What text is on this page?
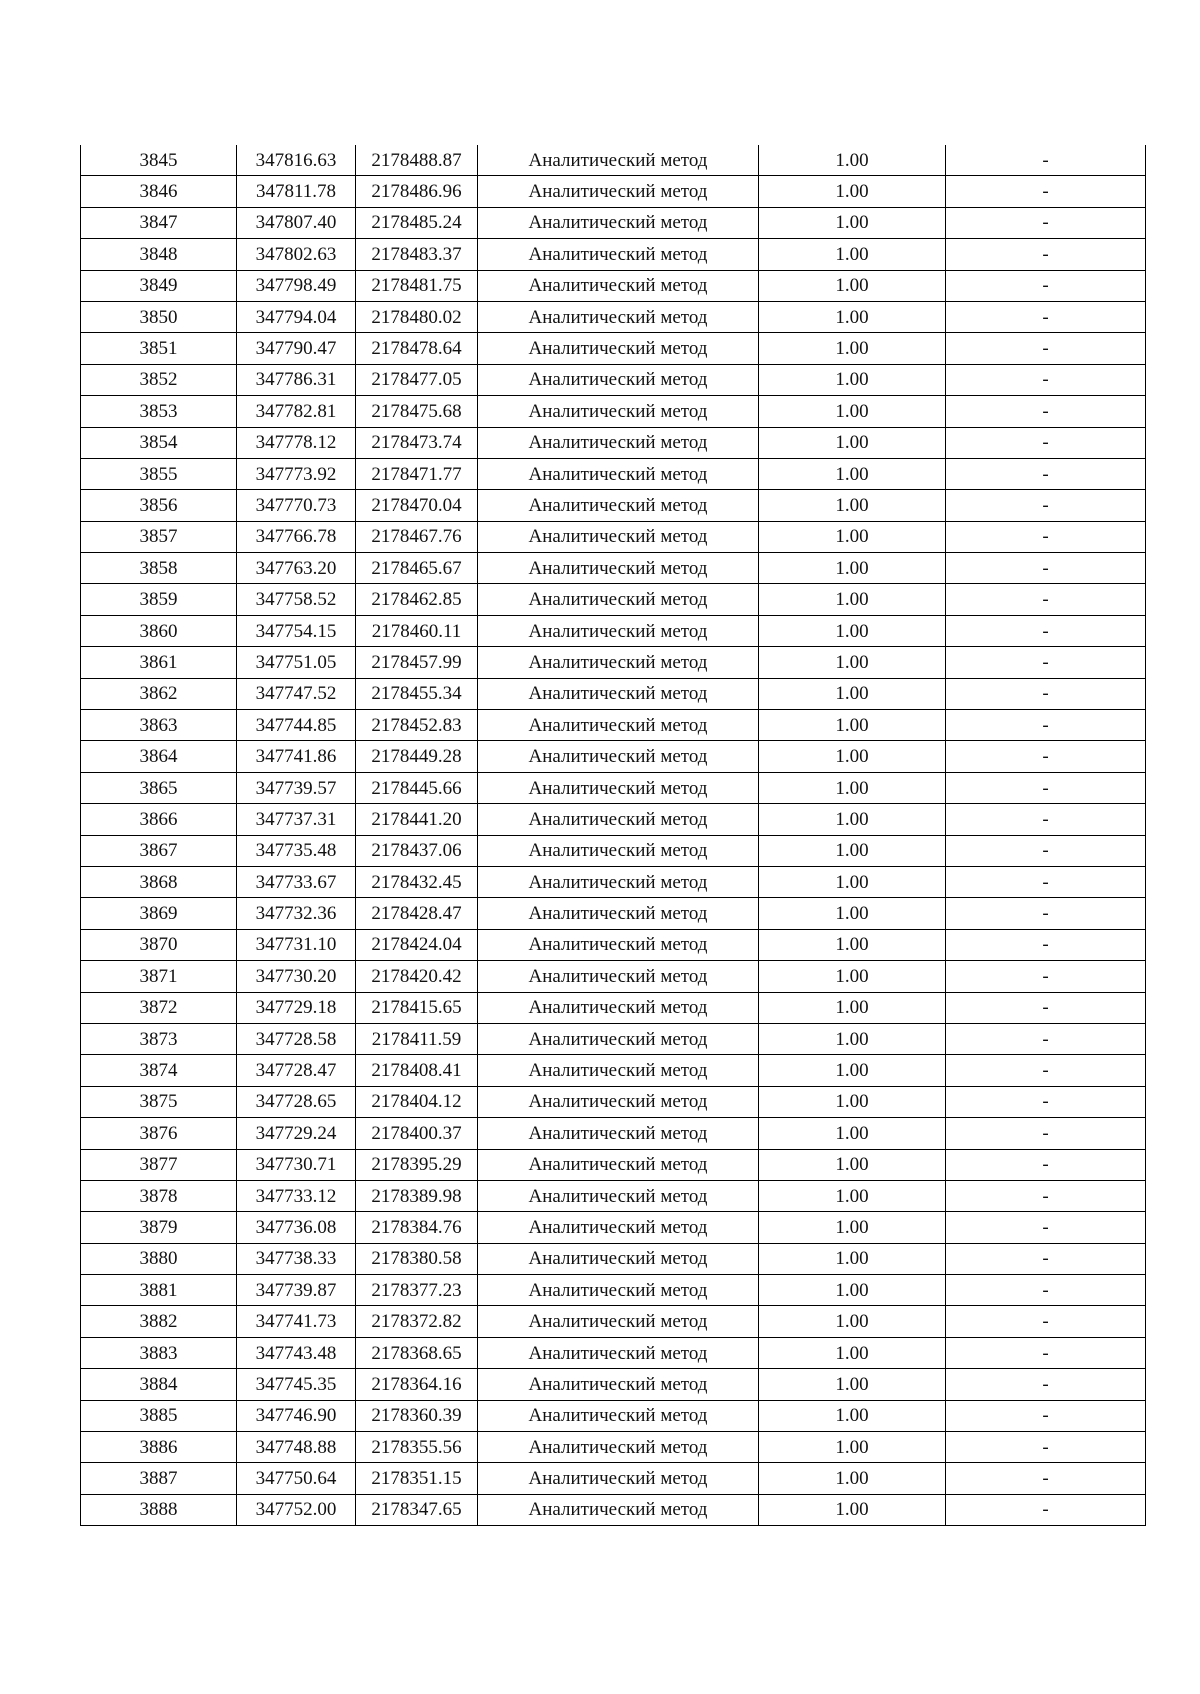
3845	347816.63	2178488.87	Аналитический метод	1.00	-
3846	347811.78	2178486.96	Аналитический метод	1.00	-
3847	347807.40	2178485.24	Аналитический метод	1.00	-
3848	347802.63	2178483.37	Аналитический метод	1.00	-
3849	347798.49	2178481.75	Аналитический метод	1.00	-
3850	347794.04	2178480.02	Аналитический метод	1.00	-
3851	347790.47	2178478.64	Аналитический метод	1.00	-
3852	347786.31	2178477.05	Аналитический метод	1.00	-
3853	347782.81	2178475.68	Аналитический метод	1.00	-
3854	347778.12	2178473.74	Аналитический метод	1.00	-
3855	347773.92	2178471.77	Аналитический метод	1.00	-
3856	347770.73	2178470.04	Аналитический метод	1.00	-
3857	347766.78	2178467.76	Аналитический метод	1.00	-
3858	347763.20	2178465.67	Аналитический метод	1.00	-
3859	347758.52	2178462.85	Аналитический метод	1.00	-
3860	347754.15	2178460.11	Аналитический метод	1.00	-
3861	347751.05	2178457.99	Аналитический метод	1.00	-
3862	347747.52	2178455.34	Аналитический метод	1.00	-
3863	347744.85	2178452.83	Аналитический метод	1.00	-
3864	347741.86	2178449.28	Аналитический метод	1.00	-
3865	347739.57	2178445.66	Аналитический метод	1.00	-
3866	347737.31	2178441.20	Аналитический метод	1.00	-
3867	347735.48	2178437.06	Аналитический метод	1.00	-
3868	347733.67	2178432.45	Аналитический метод	1.00	-
3869	347732.36	2178428.47	Аналитический метод	1.00	-
3870	347731.10	2178424.04	Аналитический метод	1.00	-
3871	347730.20	2178420.42	Аналитический метод	1.00	-
3872	347729.18	2178415.65	Аналитический метод	1.00	-
3873	347728.58	2178411.59	Аналитический метод	1.00	-
3874	347728.47	2178408.41	Аналитический метод	1.00	-
3875	347728.65	2178404.12	Аналитический метод	1.00	-
3876	347729.24	2178400.37	Аналитический метод	1.00	-
3877	347730.71	2178395.29	Аналитический метод	1.00	-
3878	347733.12	2178389.98	Аналитический метод	1.00	-
3879	347736.08	2178384.76	Аналитический метод	1.00	-
3880	347738.33	2178380.58	Аналитический метод	1.00	-
3881	347739.87	2178377.23	Аналитический метод	1.00	-
3882	347741.73	2178372.82	Аналитический метод	1.00	-
3883	347743.48	2178368.65	Аналитический метод	1.00	-
3884	347745.35	2178364.16	Аналитический метод	1.00	-
3885	347746.90	2178360.39	Аналитический метод	1.00	-
3886	347748.88	2178355.56	Аналитический метод	1.00	-
3887	347750.64	2178351.15	Аналитический метод	1.00	-
3888	347752.00	2178347.65	Аналитический метод	1.00	-
